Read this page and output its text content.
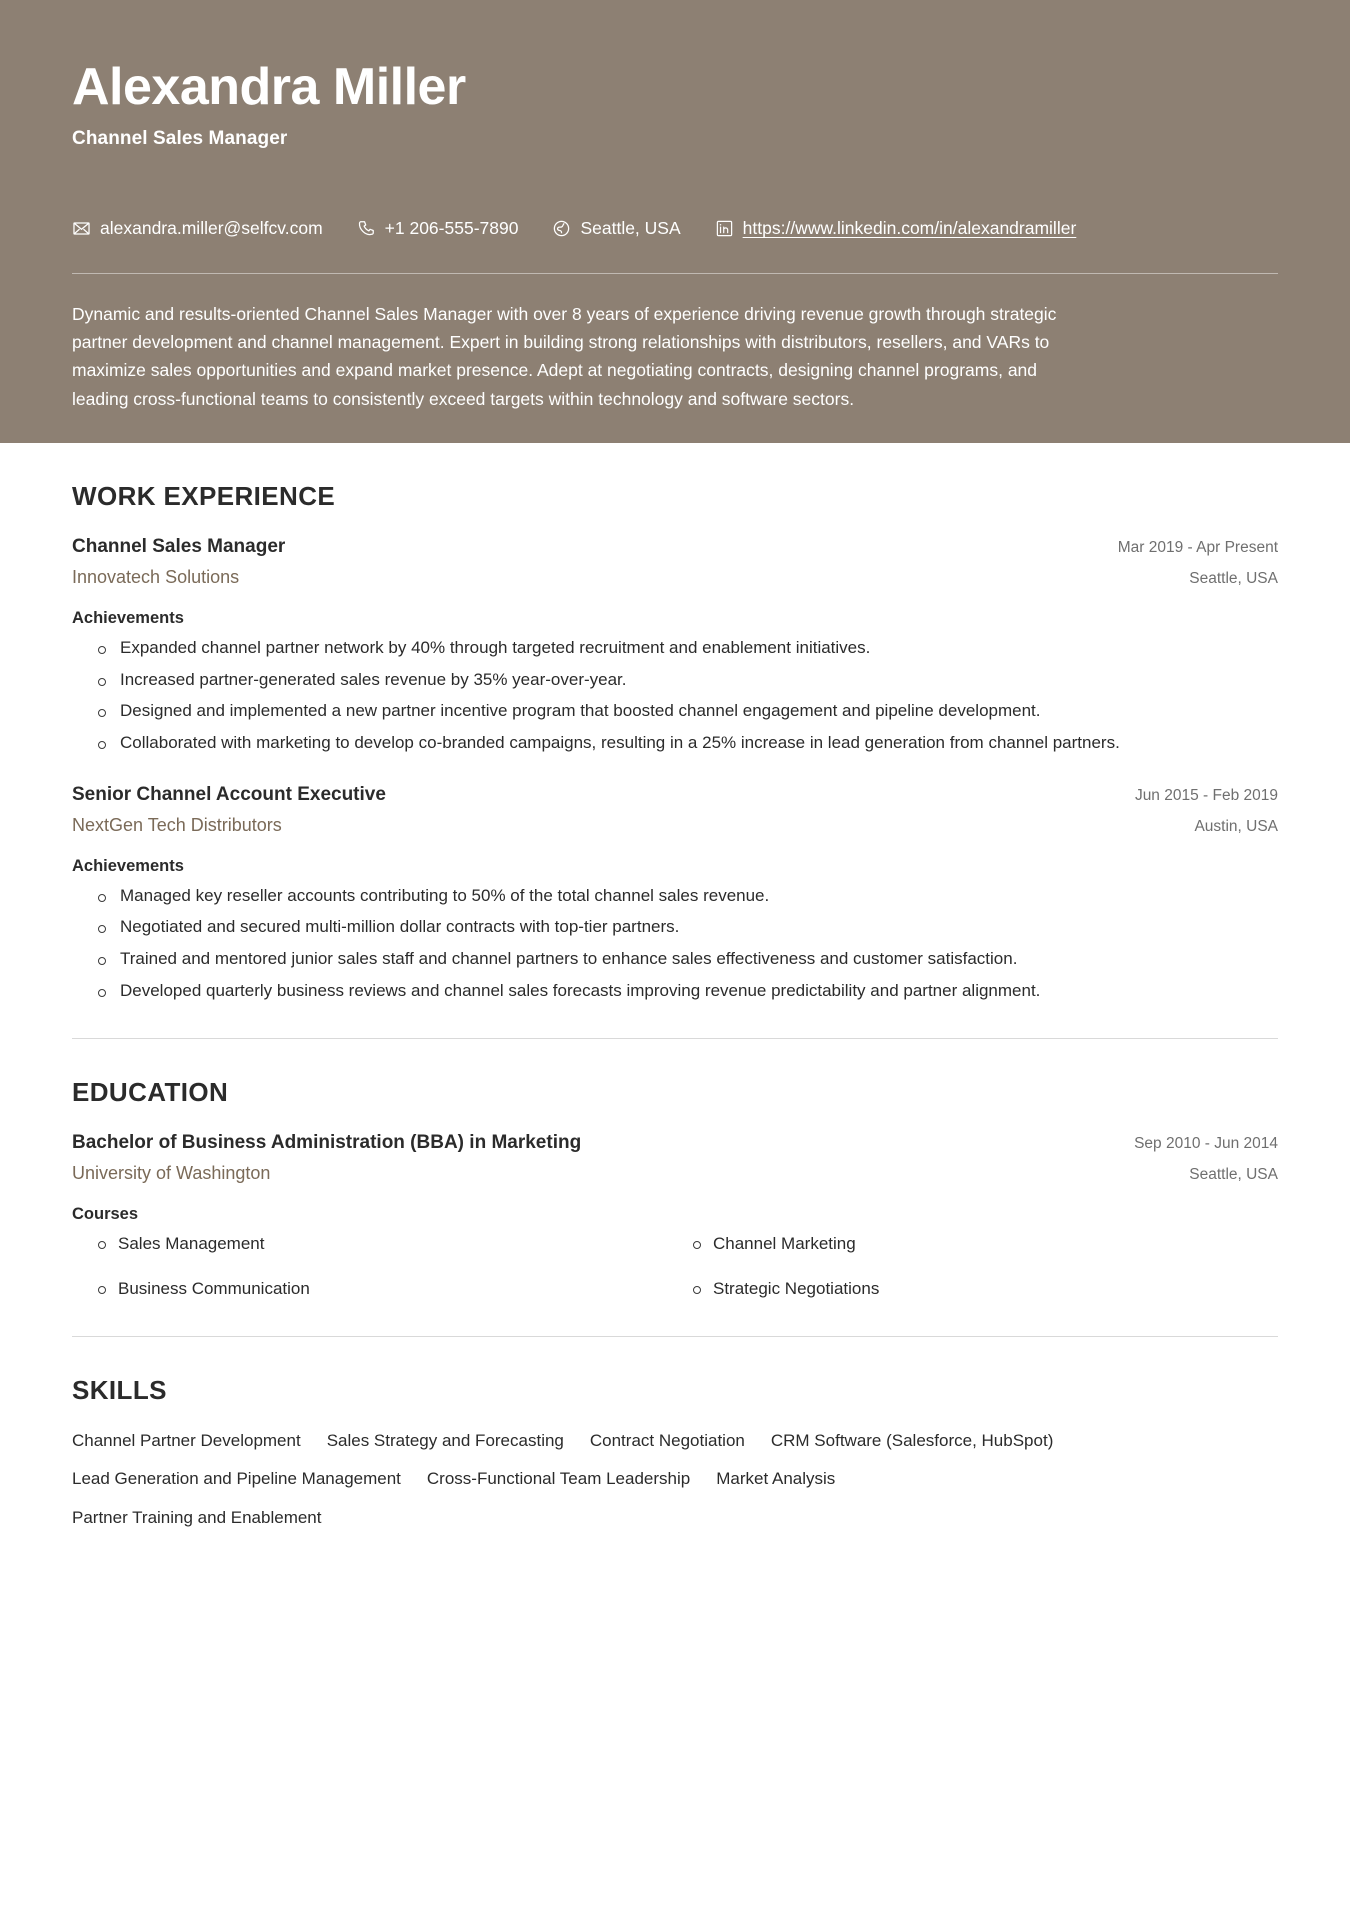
Alexandra Miller
Channel Sales Manager
alexandra.miller@selfcv.com	+1 206-555-7890	Seattle, USA	https://www.linkedin.com/in/alexandramiller

Dynamic and results-oriented Channel Sales Manager with over 8 years of experience driving revenue growth through strategic partner development and channel management. Expert in building strong relationships with distributors, resellers, and VARs to maximize sales opportunities and expand market presence. Adept at negotiating contracts, designing channel programs, and leading cross-functional teams to consistently exceed targets within technology and software sectors.

WORK EXPERIENCE
Channel Sales Manager	Mar 2019 - Apr Present
Innovatech Solutions	Seattle, USA
Achievements
Expanded channel partner network by 40% through targeted recruitment and enablement initiatives.
Increased partner-generated sales revenue by 35% year-over-year.
Designed and implemented a new partner incentive program that boosted channel engagement and pipeline development.
Collaborated with marketing to develop co-branded campaigns, resulting in a 25% increase in lead generation from channel partners.
Senior Channel Account Executive	Jun 2015 - Feb 2019
NextGen Tech Distributors	Austin, USA
Achievements
Managed key reseller accounts contributing to 50% of the total channel sales revenue.
Negotiated and secured multi-million dollar contracts with top-tier partners.
Trained and mentored junior sales staff and channel partners to enhance sales effectiveness and customer satisfaction.
Developed quarterly business reviews and channel sales forecasts improving revenue predictability and partner alignment.
EDUCATION
Bachelor of Business Administration (BBA) in Marketing	Sep 2010 - Jun 2014
University of Washington	Seattle, USA
Courses
Sales Management	Channel Marketing
Business Communication	Strategic Negotiations
SKILLS
Channel Partner Development Sales Strategy and Forecasting Contract Negotiation CRM Software (Salesforce, HubSpot)
Lead Generation and Pipeline Management Cross-Functional Team Leadership Market Analysis
Partner Training and Enablement
